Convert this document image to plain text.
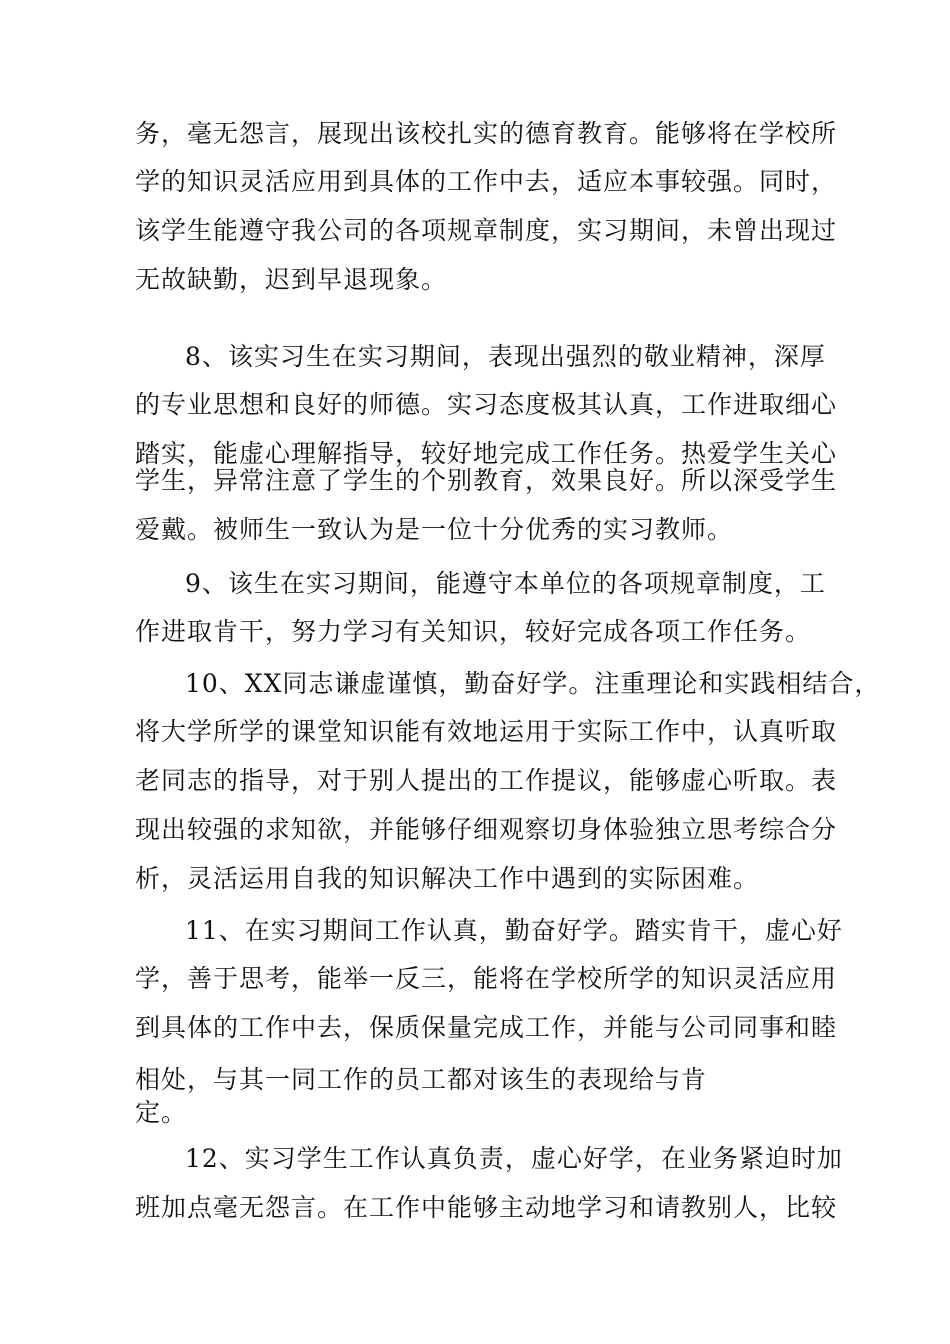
务，毫无怨言，展现出该校扎实的德育教育。能够将在学校所
学的知识灵活应用到具体的工作中去，适应本事较强。同时，
该学生能遵守我公司的各项规章制度，实习期间，未曾出现过
无故缺勤，迟到早退现象。
8、该实习生在实习期间，表现出强烈的敬业精神，深厚
的专业思想和良好的师德。实习态度极其认真，工作进取细心
踏实，能虚心理解指导，较好地完成工作任务。热爱学生关心
学生，异常注意了学生的个别教育，效果良好。所以深受学生
爱戴。被师生一致认为是一位十分优秀的实习教师。
9、该生在实习期间，能遵守本单位的各项规章制度，工
作进取肯干，努力学习有关知识，较好完成各项工作任务。
10、XX同志谦虚谨慎，勤奋好学。注重理论和实践相结合，
将大学所学的课堂知识能有效地运用于实际工作中，认真听取
老同志的指导，对于别人提出的工作提议，能够虚心听取。表
现出较强的求知欲，并能够仔细观察切身体验独立思考综合分
析，灵活运用自我的知识解决工作中遇到的实际困难。
11、在实习期间工作认真，勤奋好学。踏实肯干，虚心好
学，善于思考，能举一反三，能将在学校所学的知识灵活应用
到具体的工作中去，保质保量完成工作，并能与公司同事和睦
相处，与其一同工作的员工都对该生的表现给与肯
定。
12、实习学生工作认真负责，虚心好学，在业务紧迫时加
班加点毫无怨言。在工作中能够主动地学习和请教别人，比较
